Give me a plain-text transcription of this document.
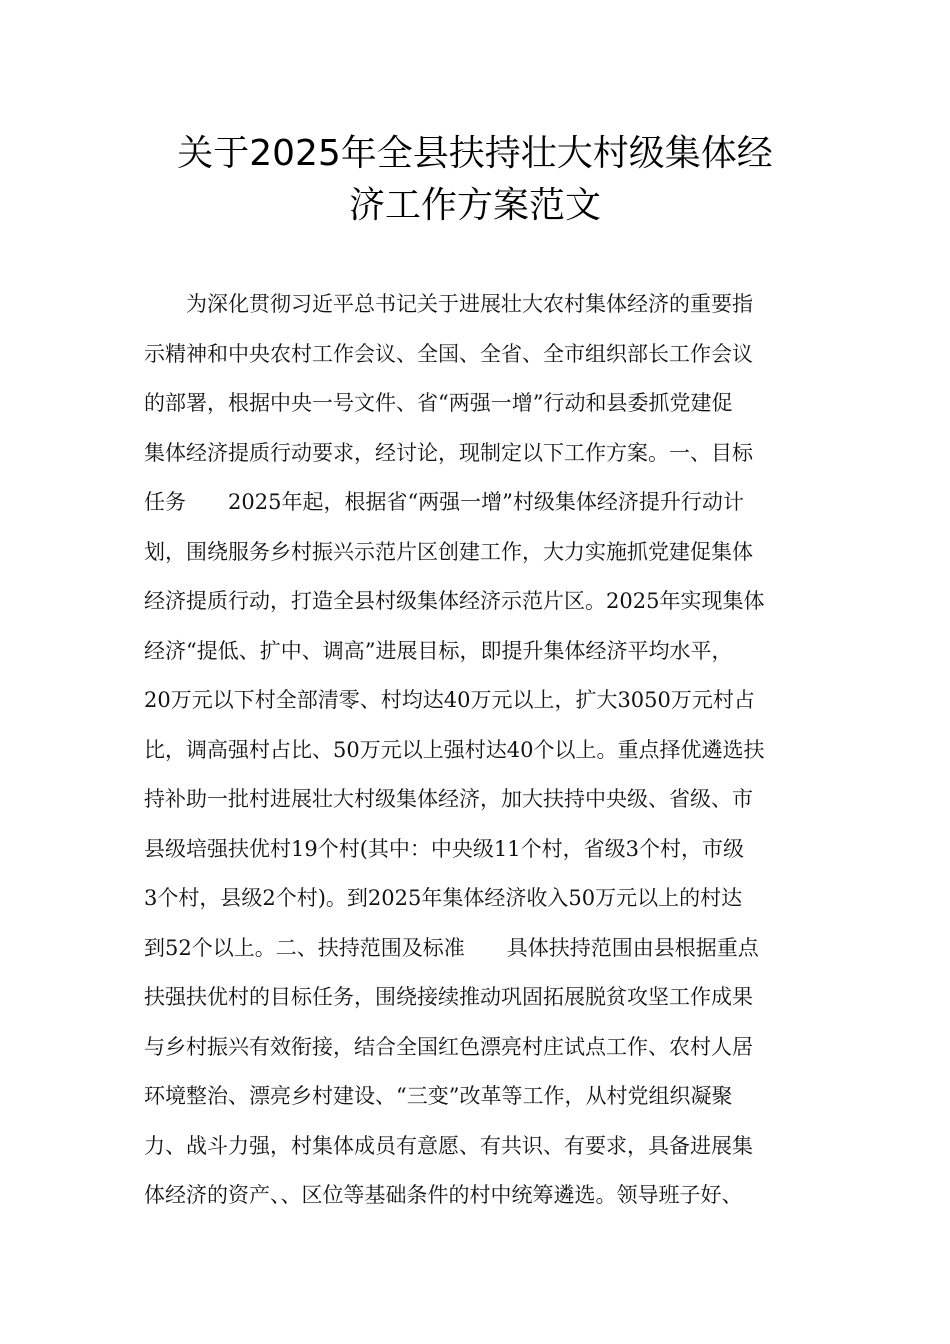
关于2025年全县扶持壮大村级集体经
济工作方案范文
为深化贯彻习近平总书记关于进展壮大农村集体经济的重要指
示精神和中央农村工作会议、全国、全省、全市组织部长工作会议
的部署，根据中央一号文件、省“两强一增”行动和县委抓党建促
集体经济提质行动要求，经讨论，现制定以下工作方案。一、目标
任务　　2025年起，根据省“两强一增”村级集体经济提升行动计
划，围绕服务乡村振兴示范片区创建工作，大力实施抓党建促集体
经济提质行动，打造全县村级集体经济示范片区。2025年实现集体
经济“提低、扩中、调高”进展目标，即提升集体经济平均水平，
20万元以下村全部清零、村均达40万元以上，扩大3050万元村占
比，调高强村占比、50万元以上强村达40个以上。重点择优遴选扶
持补助一批村进展壮大村级集体经济，加大扶持中央级、省级、市
县级培强扶优村19个村(其中：中央级11个村，省级3个村，市级
3个村，县级2个村)。到2025年集体经济收入50万元以上的村达
到52个以上。二、扶持范围及标准　　具体扶持范围由县根据重点
扶强扶优村的目标任务，围绕接续推动巩固拓展脱贫攻坚工作成果
与乡村振兴有效衔接，结合全国红色漂亮村庄试点工作、农村人居
环境整治、漂亮乡村建设、“三变”改革等工作，从村党组织凝聚
力、战斗力强，村集体成员有意愿、有共识、有要求，具备进展集
体经济的资产、、区位等基础条件的村中统筹遴选。领导班子好、
